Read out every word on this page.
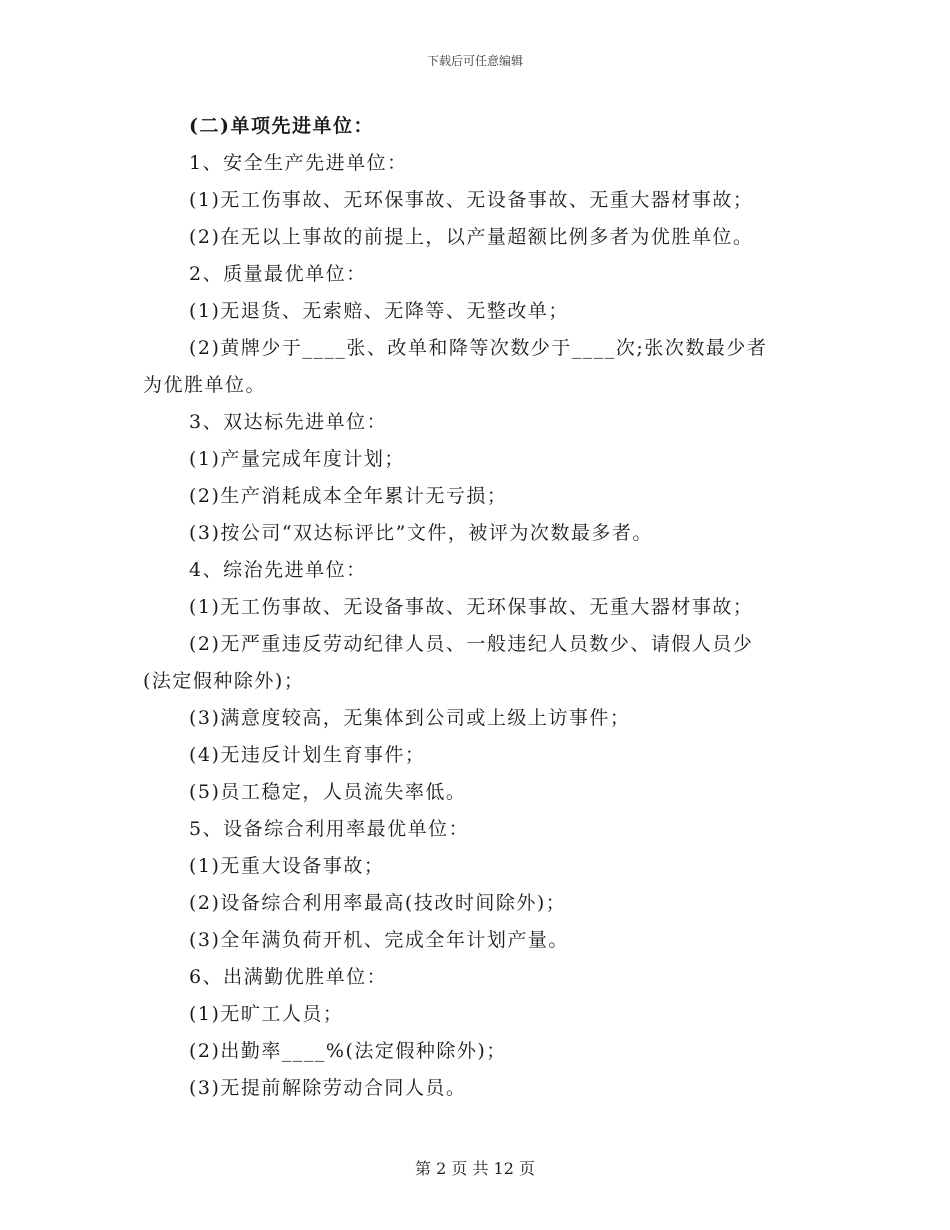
下载后可任意编辑
(二)单项先进单位：
1、安全生产先进单位：
(1)无工伤事故、无环保事故、无设备事故、无重大器材事故；
(2)在无以上事故的前提上，以产量超额比例多者为优胜单位。
2、质量最优单位：
(1)无退货、无索赔、无降等、无整改单；
(2)黄牌少于____张、改单和降等次数少于____次;张次数最少者
为优胜单位。
3、双达标先进单位：
(1)产量完成年度计划；
(2)生产消耗成本全年累计无亏损；
(3)按公司“双达标评比”文件，被评为次数最多者。
4、综治先进单位：
(1)无工伤事故、无设备事故、无环保事故、无重大器材事故；
(2)无严重违反劳动纪律人员、一般违纪人员数少、请假人员少
(法定假种除外)；
(3)满意度较高，无集体到公司或上级上访事件；
(4)无违反计划生育事件；
(5)员工稳定，人员流失率低。
5、设备综合利用率最优单位：
(1)无重大设备事故；
(2)设备综合利用率最高(技改时间除外)；
(3)全年满负荷开机、完成全年计划产量。
6、出满勤优胜单位：
(1)无旷工人员；
(2)出勤率____%(法定假种除外)；
(3)无提前解除劳动合同人员。
第 2 页 共 12 页
